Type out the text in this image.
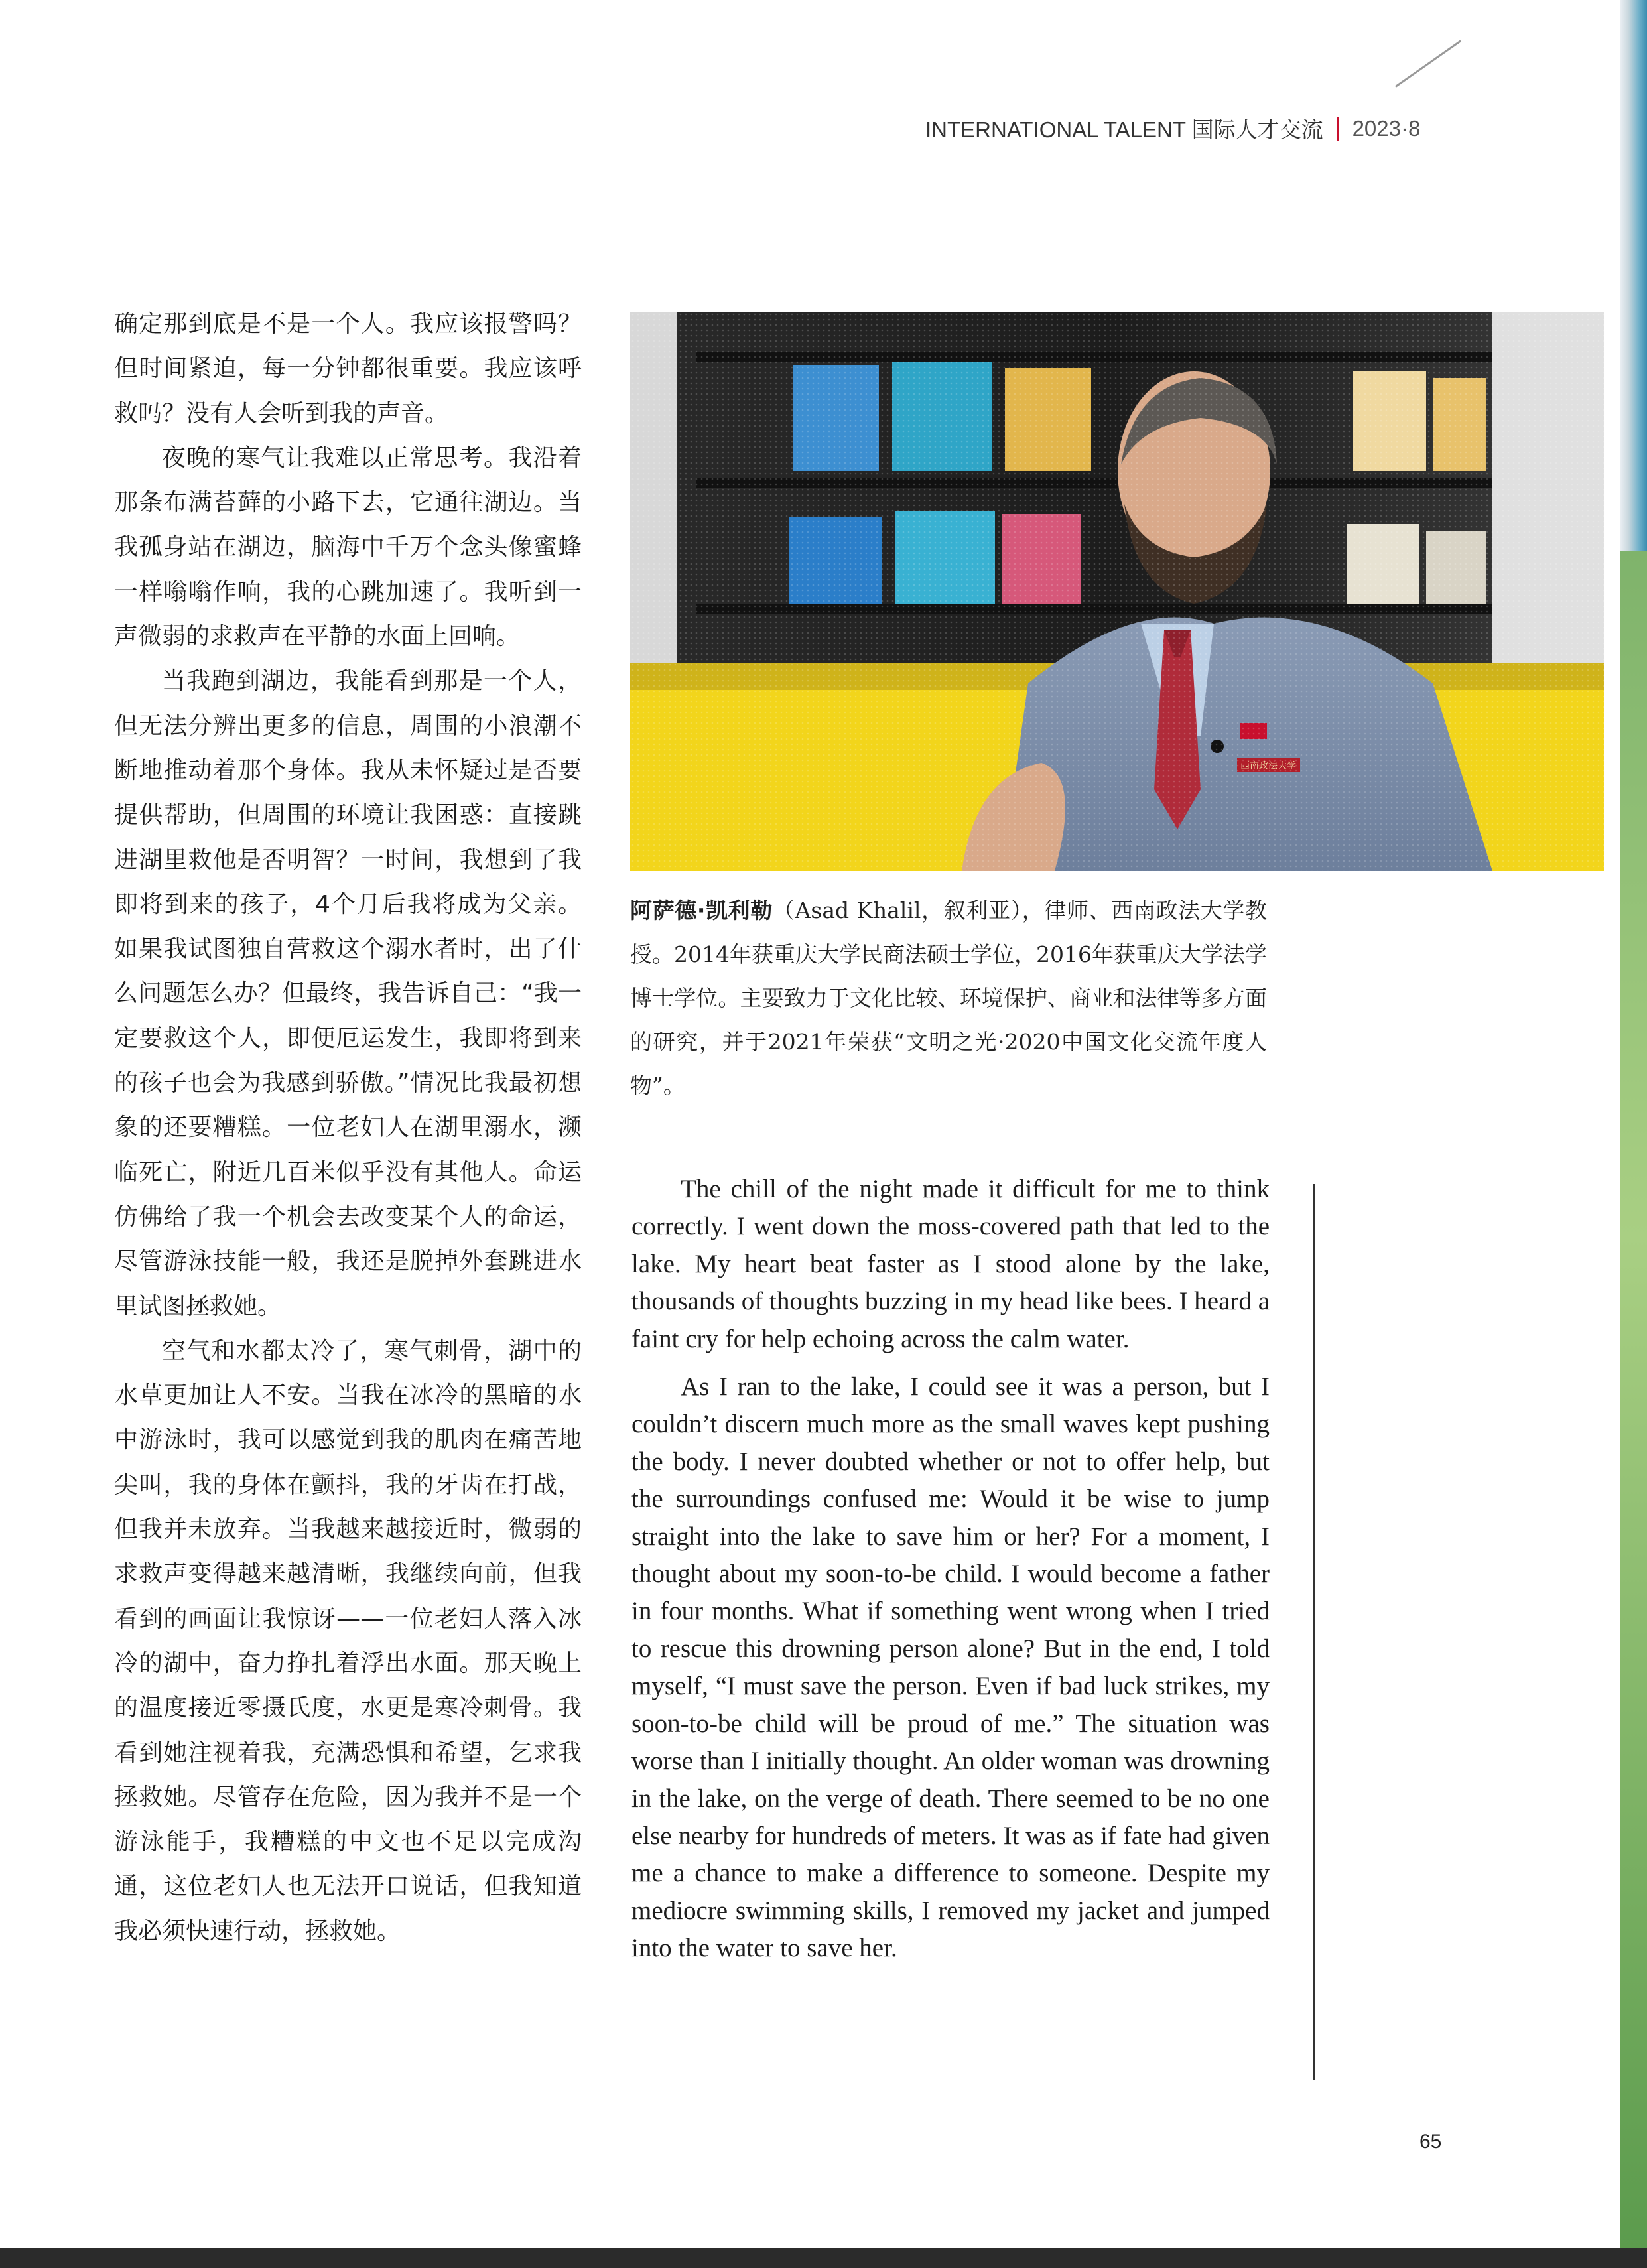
INTERNATIONAL TALENT 国际人才交流 2023·8

确定那到底是不是一个人。我应该报警吗？但时间紧迫，每一分钟都很重要。我应该呼救吗？没有人会听到我的声音。

夜晚的寒气让我难以正常思考。我沿着那条布满苔藓的小路下去，它通往湖边。当我孤身站在湖边，脑海中千万个念头像蜜蜂一样嗡嗡作响，我的心跳加速了。我听到一声微弱的求救声在平静的水面上回响。

当我跑到湖边，我能看到那是一个人，但无法分辨出更多的信息，周围的小浪潮不断地推动着那个身体。我从未怀疑过是否要提供帮助，但周围的环境让我困惑：直接跳进湖里救他是否明智？一时间，我想到了我即将到来的孩子，4个月后我将成为父亲。如果我试图独自营救这个溺水者时，出了什么问题怎么办？但最终，我告诉自己：“我一定要救这个人，即便厄运发生，我即将到来的孩子也会为我感到骄傲。”情况比我最初想象的还要糟糕。一位老妇人在湖里溺水，濒临死亡，附近几百米似乎没有其他人。命运仿佛给了我一个机会去改变某个人的命运，尽管游泳技能一般，我还是脱掉外套跳进水里试图拯救她。

空气和水都太冷了，寒气刺骨，湖中的水草更加让人不安。当我在冰冷的黑暗的水中游泳时，我可以感觉到我的肌肉在痛苦地尖叫，我的身体在颤抖，我的牙齿在打战，但我并未放弃。当我越来越接近时，微弱的求救声变得越来越清晰，我继续向前，但我看到的画面让我惊讶——一位老妇人落入冰冷的湖中，奋力挣扎着浮出水面。那天晚上的温度接近零摄氏度，水更是寒冷刺骨。我看到她注视着我，充满恐惧和希望，乞求我拯救她。尽管存在危险，因为我并不是一个游泳能手，我糟糕的中文也不足以完成沟通，这位老妇人也无法开口说话，但我知道我必须快速行动，拯救她。

西南政法大学
阿萨德·凯利勒（Asad Khalil，叙利亚），律师、西南政法大学教授。2014年获重庆大学民商法硕士学位，2016年获重庆大学法学博士学位。主要致力于文化比较、环境保护、商业和法律等多方面的研究，并于2021年荣获“文明之光·2020中国文化交流年度人物”。

The chill of the night made it difficult for me to think correctly. I went down the moss-covered path that led to the lake. My heart beat faster as I stood alone by the lake, thousands of thoughts buzzing in my head like bees. I heard a faint cry for help echoing across the calm water.

As I ran to the lake, I could see it was a person, but I couldn’t discern much more as the small waves kept pushing the body. I never doubted whether or not to offer help, but the surroundings confused me: Would it be wise to jump straight into the lake to save him or her? For a moment, I thought about my soon-to-be child. I would become a father in four months. What if something went wrong when I tried to rescue this drowning person alone? But in the end, I told myself, “I must save the person. Even if bad luck strikes, my soon-to-be child will be proud of me.” The situation was worse than I initially thought. An older woman was drowning in the lake, on the verge of death. There seemed to be no one else nearby for hundreds of meters. It was as if fate had given me a chance to make a difference to someone. Despite my mediocre swimming skills, I removed my jacket and jumped into the water to save her.

65
